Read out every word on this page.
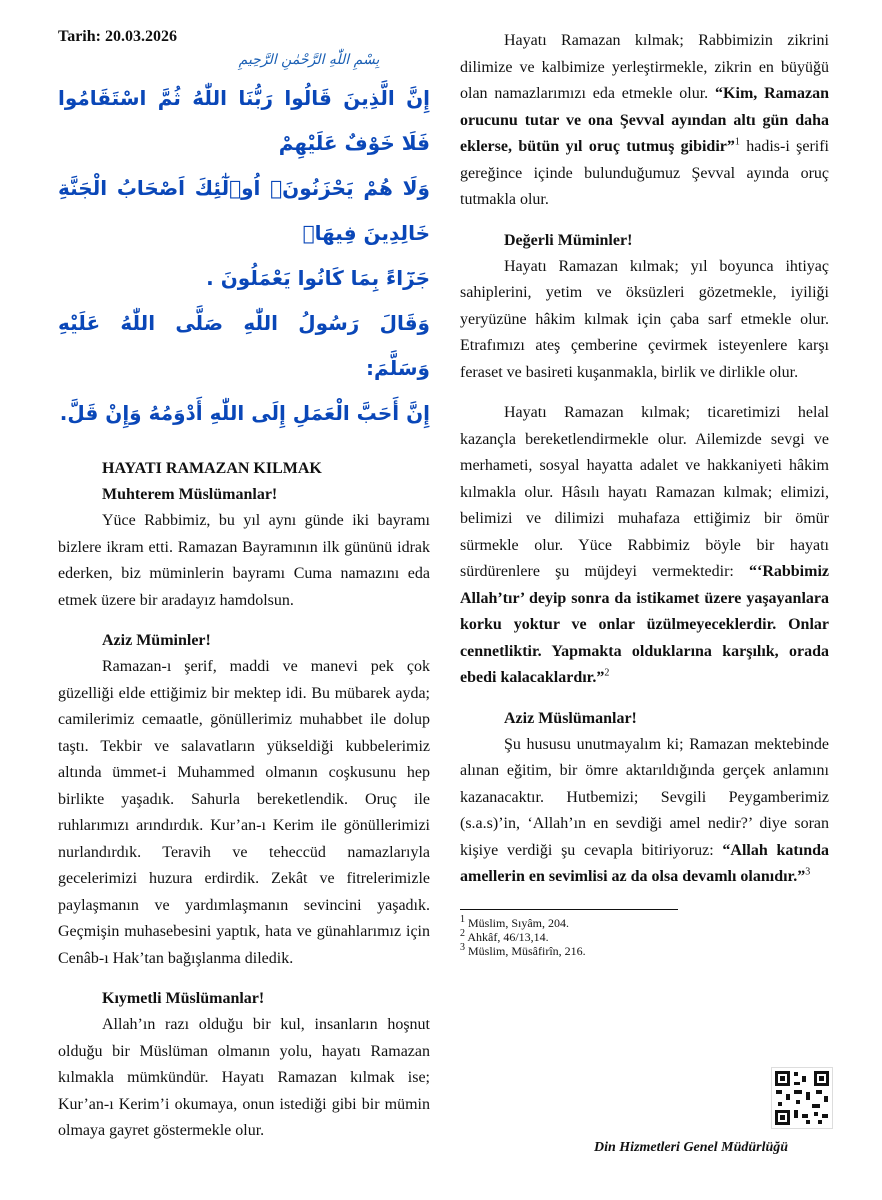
Tarih: 20.03.2026
بِسْمِ اللّٰهِ الرَّحْمٰنِ الرَّحِيمِ

إِنَّ الَّذِينَ قَالُوا رَبُّنَا اللّٰهُ ثُمَّ اسْتَقَامُوا فَلَا خَوْفٌ عَلَيْهِمْ

وَلَا هُمْ يَحْزَنُونَۚ اُو۬لٰٓئِكَ اَصْحَابُ الْجَنَّةِ خَالِدِينَ فِيهَاۚ

جَزَٓاءً بِمَا كَانُوا يَعْمَلُونَ .

وَقَالَ رَسُولُ اللّٰهِ صَلَّى اللّٰهُ عَلَيْهِ وَسَلَّمَ:

إِنَّ أَحَبَّ الْعَمَلِ إِلَى اللّٰهِ أَدْوَمُهُ وَإِنْ قَلَّ.

HAYATI RAMAZAN KILMAK

Muhterem Müslümanlar!

Yüce Rabbimiz, bu yıl aynı günde iki bayramı bizlere ikram etti. Ramazan Bayramının ilk gününü idrak ederken, biz müminlerin bayramı Cuma namazını eda etmek üzere bir aradayız hamdolsun.

Aziz Müminler!

Ramazan-ı şerif, maddi ve manevi pek çok güzelliği elde ettiğimiz bir mektep idi. Bu mübarek ayda; camilerimiz cemaatle, gönüllerimiz muhabbet ile dolup taştı. Tekbir ve salavatların yükseldiği kubbelerimiz altında ümmet-i Muhammed olmanın coşkusunu hep birlikte yaşadık. Sahurla bereketlendik. Oruç ile ruhlarımızı arındırdık. Kur’an-ı Kerim ile gönüllerimizi nurlandırdık. Teravih ve teheccüd namazlarıyla gecelerimizi huzura erdirdik. Zekât ve fitrelerimizle paylaşmanın ve yardımlaşmanın sevincini yaşadık. Geçmişin muhasebesini yaptık, hata ve günahlarımız için Cenâb-ı Hak’tan bağışlanma diledik.

Kıymetli Müslümanlar!

Allah’ın razı olduğu bir kul, insanların hoşnut olduğu bir Müslüman olmanın yolu, hayatı Ramazan kılmakla mümkündür. Hayatı Ramazan kılmak ise; Kur’an-ı Kerim’i okumaya, onun istediği gibi bir mümin olmaya gayret göstermekle olur.

Hayatı Ramazan kılmak; Rabbimizin zikrini dilimize ve kalbimize yerleştirmekle, zikrin en büyüğü olan namazlarımızı eda etmekle olur. “Kim, Ramazan orucunu tutar ve ona Şevval ayından altı gün daha eklerse, bütün yıl oruç tutmuş gibidir”$^1$ hadis-i şerifi gereğince içinde bulunduğumuz Şevval ayında oruç tutmakla olur.

Değerli Müminler!

Hayatı Ramazan kılmak; yıl boyunca ihtiyaç sahiplerini, yetim ve öksüzleri gözetmekle, iyiliği yeryüzüne hâkim kılmak için çaba sarf etmekle olur. Etrafımızı ateş çemberine çevirmek isteyenlere karşı feraset ve basireti kuşanmakla, birlik ve dirlikle olur.

Hayatı Ramazan kılmak; ticaretimizi helal kazançla bereketlendirmekle olur. Ailemizde sevgi ve merhameti, sosyal hayatta adalet ve hakkaniyeti hâkim kılmakla olur. Hâsılı hayatı Ramazan kılmak; elimizi, belimizi ve dilimizi muhafaza ettiğimiz bir ömür sürmekle olur. Yüce Rabbimiz böyle bir hayatı sürdürenlere şu müjdeyi vermektedir: “‘Rabbimiz Allah’tır’ deyip sonra da istikamet üzere yaşayanlara korku yoktur ve onlar üzülmeyeceklerdir. Onlar cennetliktir. Yapmakta olduklarına karşılık, orada ebedi kalacaklardır.”$^2$

Aziz Müslümanlar!

Şu hususu unutmayalım ki; Ramazan mektebinde alınan eğitim, bir ömre aktarıldığında gerçek anlamını kazanacaktır. Hutbemizi; Sevgili Peygamberimiz (s.a.s)’in, ‘Allah’ın en sevdiği amel nedir?’ diye soran kişiye verdiği şu cevapla bitiriyoruz: “Allah katında amellerin en sevimlisi az da olsa devamlı olanıdır.”$^3$

$^1$ Müslim, Sıyâm, 204.

$^2$ Ahkâf, 46/13,14.

$^3$ Müslim, Müsâfirîn, 216.

Din Hizmetleri Genel Müdürlüğü
